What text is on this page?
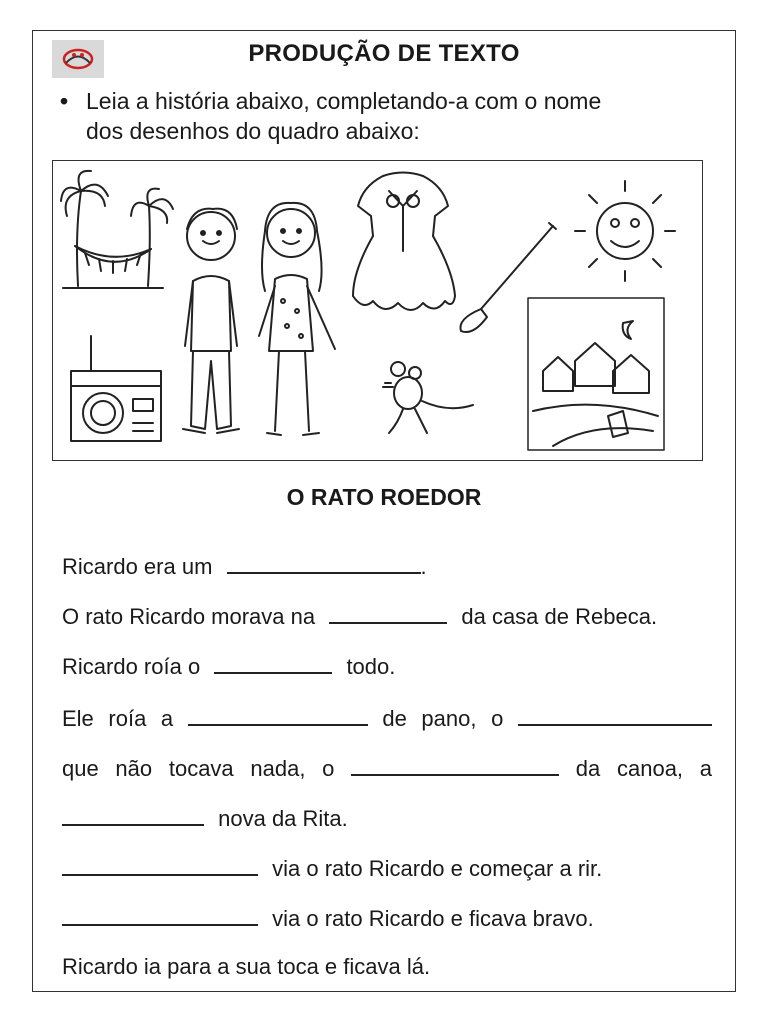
PRODUÇÃO DE TEXTO
• Leia a história abaixo, completando-a com o nome
dos desenhos do quadro abaixo:
O RATO ROEDOR
Ricardo era um	.
O rato Ricardo morava na	da casa de Rebeca.
Ricardo roía o	todo.
Ele roía a	de pano, o
que não tocava nada, o	da canoa, a
nova da Rita.
via o rato Ricardo e começar a rir.
via o rato Ricardo e ficava bravo.
Ricardo ia para a sua toca e ficava lá.
